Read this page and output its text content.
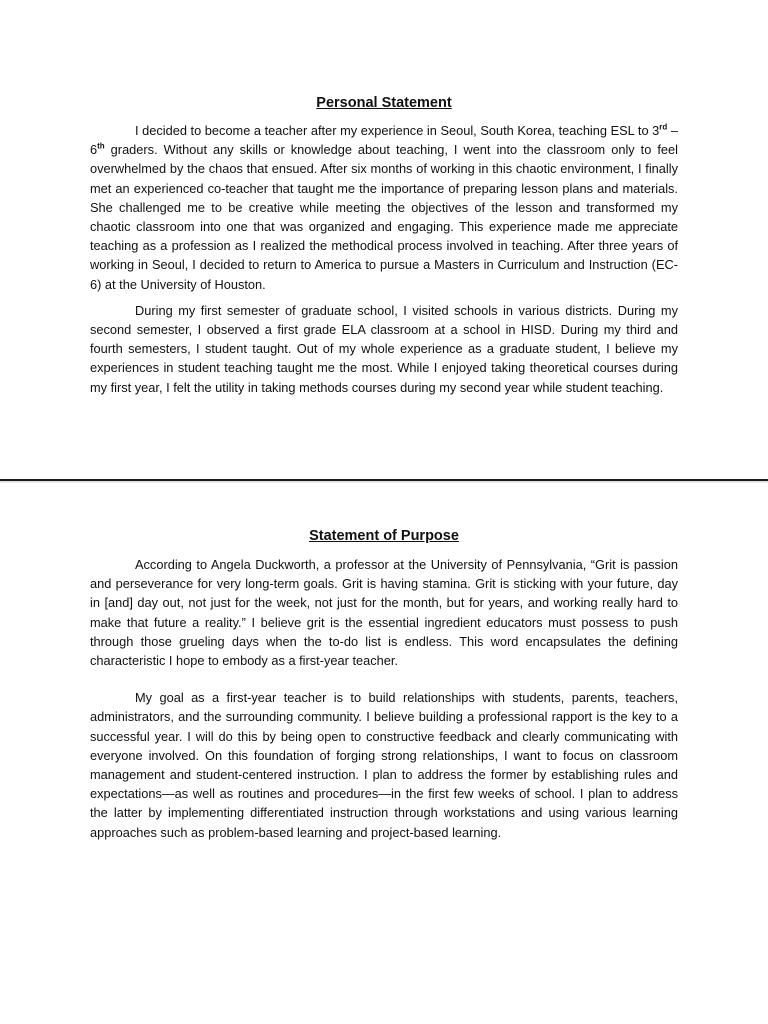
Personal Statement

I decided to become a teacher after my experience in Seoul, South Korea, teaching ESL to 3rd – 6th graders. Without any skills or knowledge about teaching, I went into the classroom only to feel overwhelmed by the chaos that ensued. After six months of working in this chaotic environment, I finally met an experienced co-teacher that taught me the importance of preparing lesson plans and materials. She challenged me to be creative while meeting the objectives of the lesson and transformed my chaotic classroom into one that was organized and engaging. This experience made me appreciate teaching as a profession as I realized the methodical process involved in teaching. After three years of working in Seoul, I decided to return to America to pursue a Masters in Curriculum and Instruction (EC-6) at the University of Houston.

During my first semester of graduate school, I visited schools in various districts. During my second semester, I observed a first grade ELA classroom at a school in HISD. During my third and fourth semesters, I student taught. Out of my whole experience as a graduate student, I believe my experiences in student teaching taught me the most. While I enjoyed taking theoretical courses during my first year, I felt the utility in taking methods courses during my second year while student teaching.

Statement of Purpose

According to Angela Duckworth, a professor at the University of Pennsylvania, “Grit is passion and perseverance for very long-term goals. Grit is having stamina. Grit is sticking with your future, day in [and] day out, not just for the week, not just for the month, but for years, and working really hard to make that future a reality.” I believe grit is the essential ingredient educators must possess to push through those grueling days when the to-do list is endless. This word encapsulates the defining characteristic I hope to embody as a first-year teacher.

My goal as a first-year teacher is to build relationships with students, parents, teachers, administrators, and the surrounding community. I believe building a professional rapport is the key to a successful year. I will do this by being open to constructive feedback and clearly communicating with everyone involved. On this foundation of forging strong relationships, I want to focus on classroom management and student-centered instruction. I plan to address the former by establishing rules and expectations—as well as routines and procedures—in the first few weeks of school. I plan to address the latter by implementing differentiated instruction through workstations and using various learning approaches such as problem-based learning and project-based learning.
